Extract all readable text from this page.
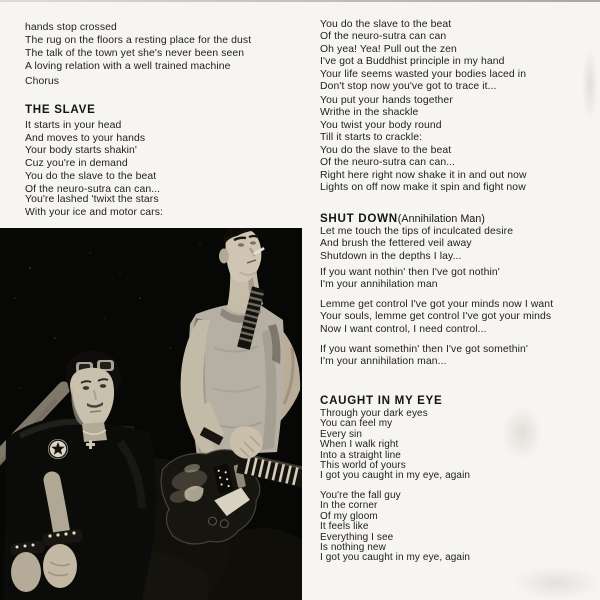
hands stop crossed
The rug on the floors a resting place for the dust
The talk of the town yet she's never been seen
A loving relation with a well trained machine
Chorus
THE SLAVE
It starts in your head
And moves to your hands
Your body starts shakin'
Cuz you're in demand
You do the slave to the beat
Of the neuro-sutra can can...
You're lashed 'twixt the stars
With your ice and motor cars:
You do the slave to the beat
Of the neuro-sutra can can
Oh yea! Yea! Pull out the zen
I've got a Buddhist principle in my hand
Your life seems wasted your bodies laced in
Don't stop now you've got to trace it...
You put your hands together
Writhe in the shackle
You twist your body round
Till it starts to crackle:
You do the slave to the beat
Of the neuro-sutra can can...
Right here right now shake it in and out now
Lights on off now make it spin and fight now
SHUT DOWN(Annihilation Man)
Let me touch the tips of inculcated desire
And brush the fettered veil away
Shutdown in the depths I lay...
If you want nothin' then I've got nothin'
I'm your annihilation man
Lemme get control I've got your minds now I want
Your souls, lemme get control I've got your minds
Now I want control, I need control...
If you want somethin' then I've got somethin'
I'm your annihilation man...
CAUGHT IN MY EYE
Through your dark eyes
You can feel my
Every sin
When I walk right
Into a straight line
This world of yours
I got you caught in my eye, again
You're the fall guy
In the corner
Of my gloom
It feels like
Everything I see
Is nothing new
I got you caught in my eye, again
